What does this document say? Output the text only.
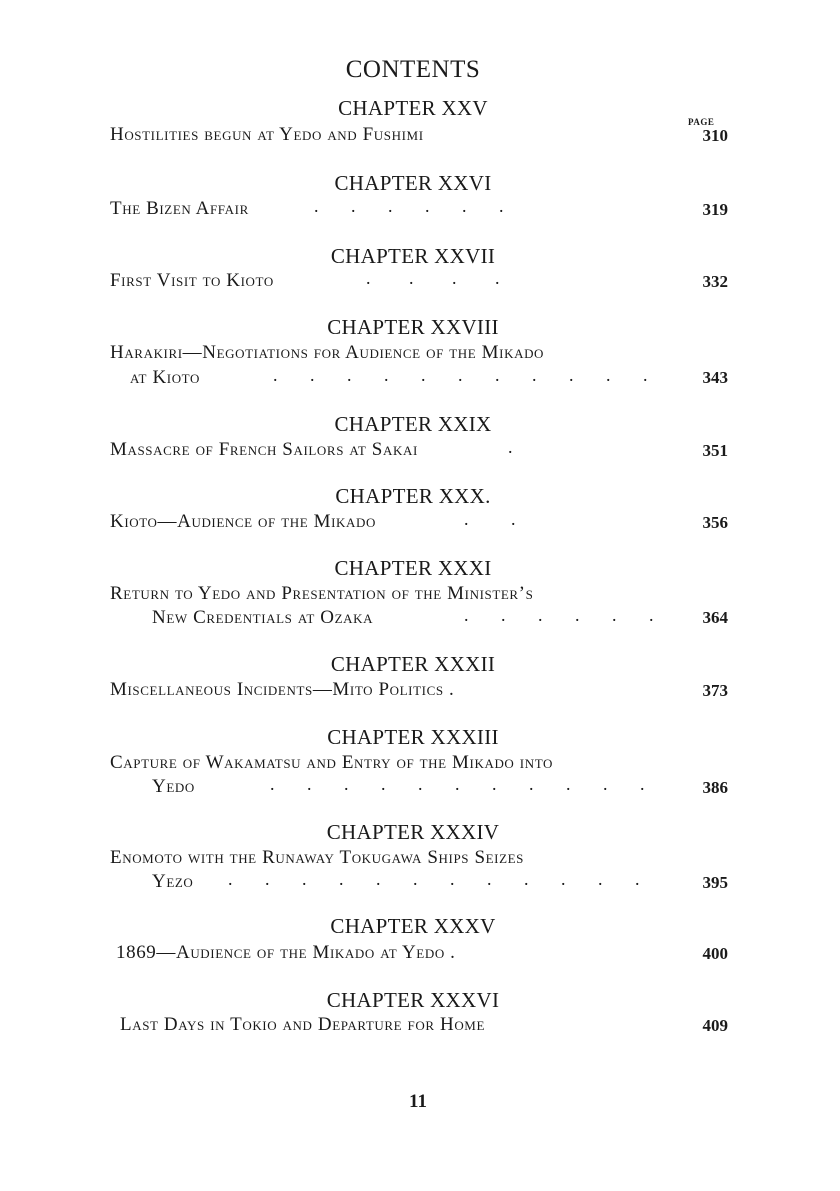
CONTENTS
PAGE
CHAPTER XXV
Hostilities begun at Yedo and Fushimi	310
CHAPTER XXVI
The Bizen Affair	. . . . . .	319
CHAPTER XXVII
First Visit to Kioto	. . . .	332
CHAPTER XXVIII
Harakiri—Negotiations for Audience of the Mikado
at Kioto	. . . . . . . . . . .	343
CHAPTER XXIX
Massacre of French Sailors at Sakai	.	351
CHAPTER XXX.
Kioto—Audience of the Mikado	. .	356
CHAPTER XXXI
Return to Yedo and Presentation of the Minister’s
New Credentials at Ozaka	. . . . . .	364
CHAPTER XXXII
Miscellaneous Incidents—Mito Politics .	373
CHAPTER XXXIII
Capture of Wakamatsu and Entry of the Mikado into
Yedo	. . . . . . . . . . .	386
CHAPTER XXXIV
Enomoto with the Runaway Tokugawa Ships Seizes
Yezo . . . . . . . . . . . .	395
CHAPTER XXXV
1869—Audience of the Mikado at Yedo .	400
CHAPTER XXXVI
Last Days in Tokio and Departure for Home	409
11
